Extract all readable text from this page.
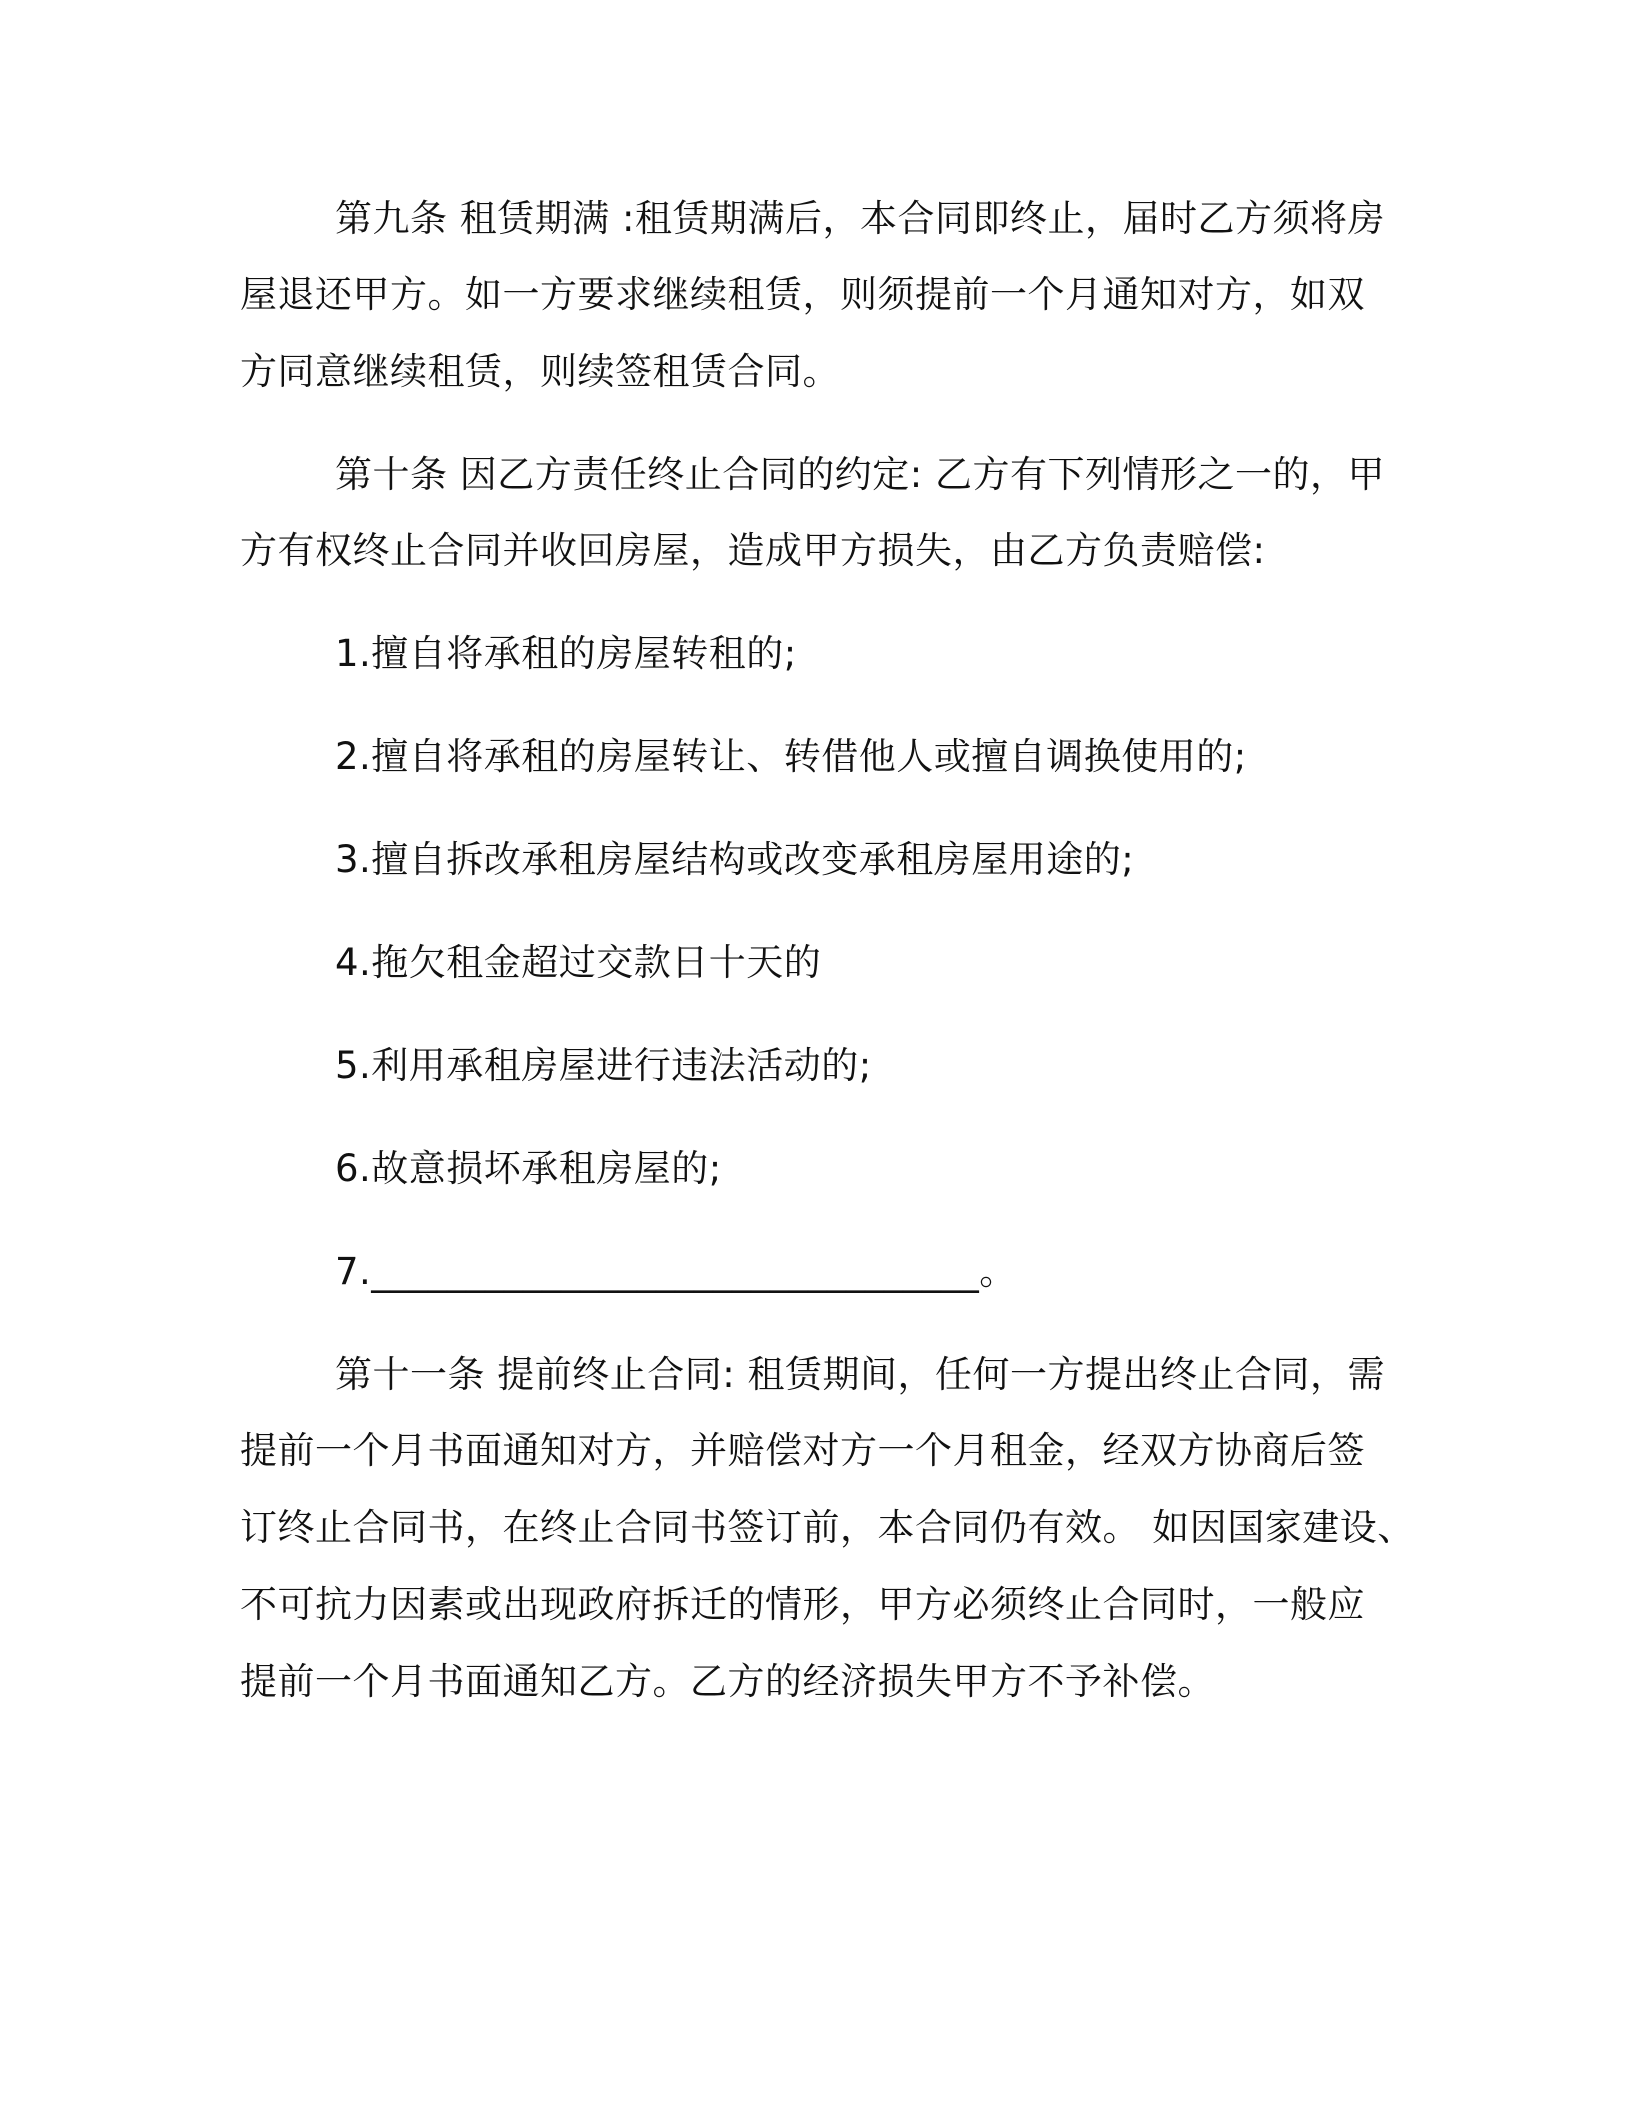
第九条 租赁期满 :租赁期满后，本合同即终止，届时乙方须将房
屋退还甲方。如一方要求继续租赁，则须提前一个月通知对方，如双
方同意继续租赁，则续签租赁合同。
第十条 因乙方责任终止合同的约定: 乙方有下列情形之一的，甲
方有权终止合同并收回房屋，造成甲方损失，由乙方负责赔偿:
1.擅自将承租的房屋转租的;
2.擅自将承租的房屋转让、转借他人或擅自调换使用的;
3.擅自拆改承租房屋结构或改变承租房屋用途的;
4.拖欠租金超过交款日十天的
5.利用承租房屋进行违法活动的;
6.故意损坏承租房屋的;
7.________________________________。
第十一条 提前终止合同: 租赁期间，任何一方提出终止合同，需
提前一个月书面通知对方，并赔偿对方一个月租金，经双方协商后签
订终止合同书，在终止合同书签订前，本合同仍有效。 如因国家建设、
不可抗力因素或出现政府拆迁的情形，甲方必须终止合同时，一般应
提前一个月书面通知乙方。乙方的经济损失甲方不予补偿。
